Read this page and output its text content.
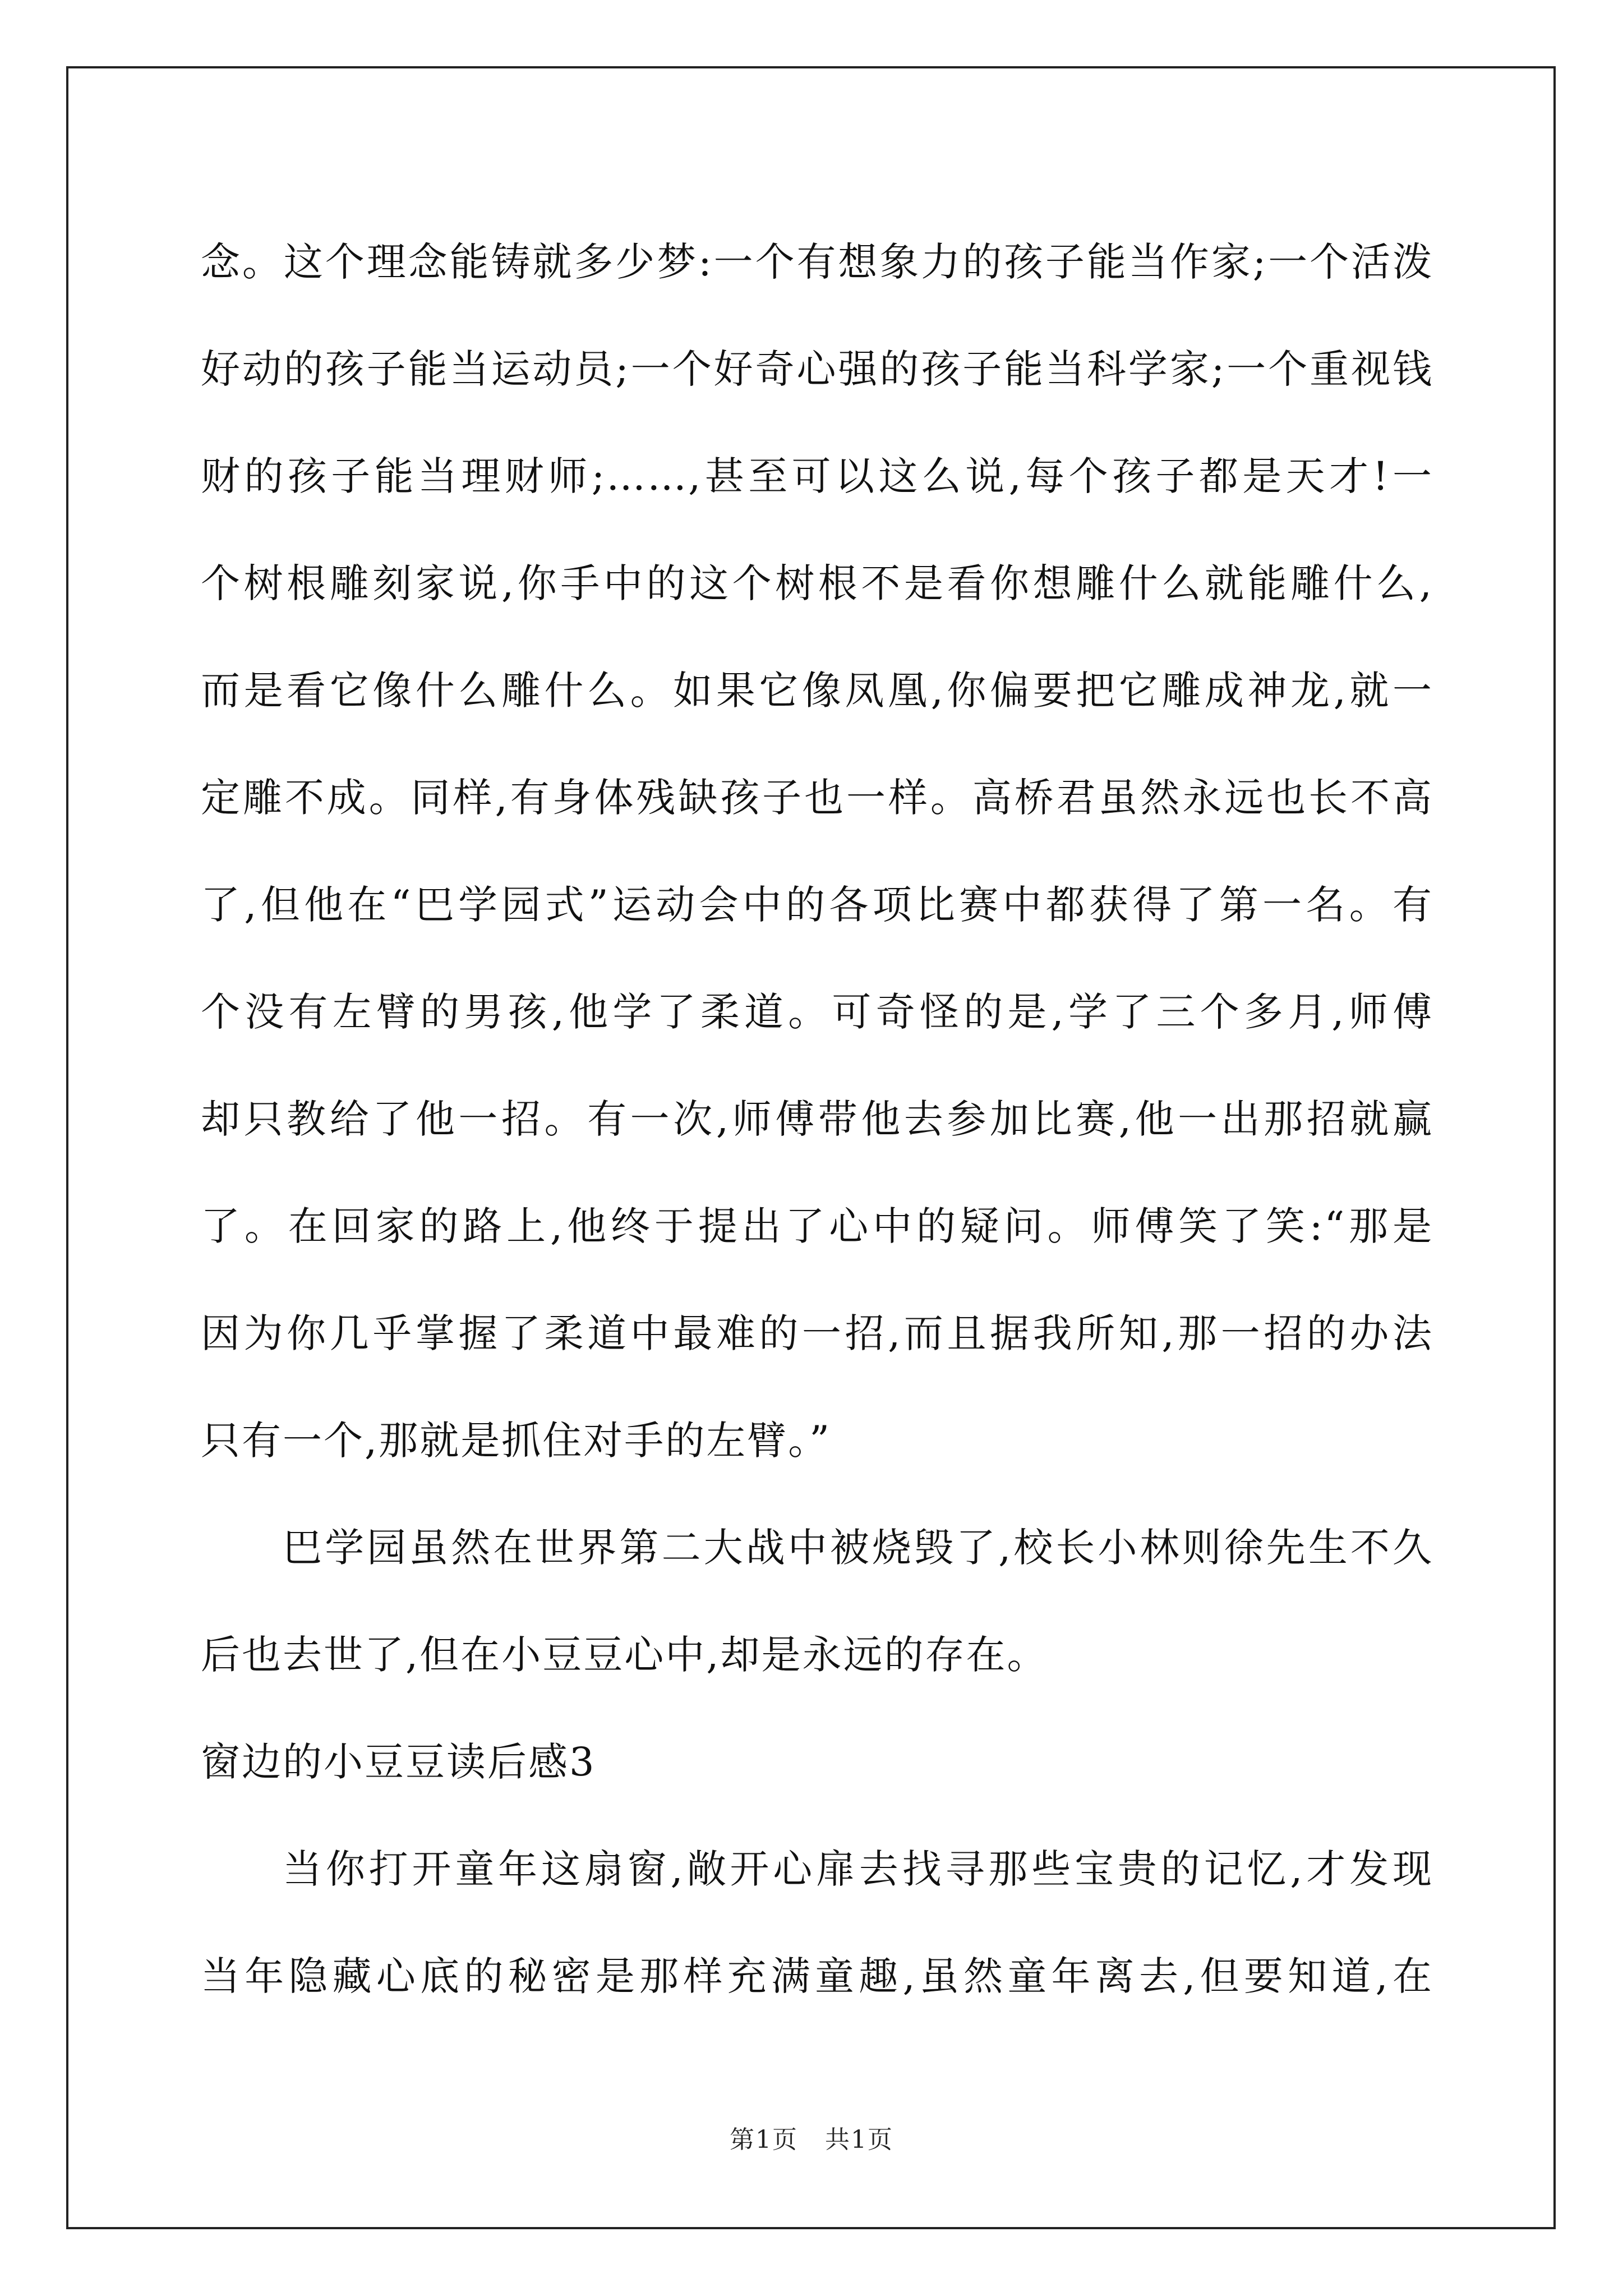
念。这个理念能铸就多少梦:一个有想象力的孩子能当作家;一个活泼
好动的孩子能当运动员;一个好奇心强的孩子能当科学家;一个重视钱
财的孩子能当理财师;……,甚至可以这么说,每个孩子都是天才!一
个树根雕刻家说,你手中的这个树根不是看你想雕什么就能雕什么,
而是看它像什么雕什么。如果它像凤凰,你偏要把它雕成神龙,就一
定雕不成。同样,有身体残缺孩子也一样。高桥君虽然永远也长不高
了,但他在“巴学园式”运动会中的各项比赛中都获得了第一名。有
个没有左臂的男孩,他学了柔道。可奇怪的是,学了三个多月,师傅
却只教给了他一招。有一次,师傅带他去参加比赛,他一出那招就赢
了。在回家的路上,他终于提出了心中的疑问。师傅笑了笑:“那是
因为你几乎掌握了柔道中最难的一招,而且据我所知,那一招的办法
只有一个,那就是抓住对手的左臂。”
巴学园虽然在世界第二大战中被烧毁了,校长小林则徐先生不久
后也去世了,但在小豆豆心中,却是永远的存在。
窗边的小豆豆读后感3
当你打开童年这扇窗,敞开心扉去找寻那些宝贵的记忆,才发现
当年隐藏心底的秘密是那样充满童趣,虽然童年离去,但要知道,在
第1页 共1页
